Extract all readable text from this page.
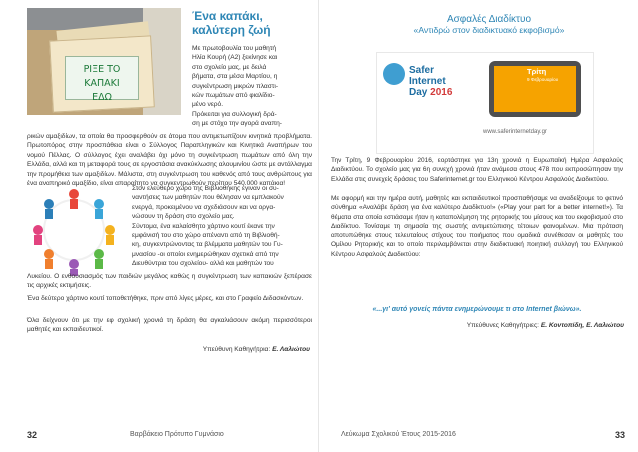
ΡΙΞΕ ΤΟ ΚΑΠΑΚΙ
ΕΔΩ
Ένα καπάκι,
καλύτερη ζωή
Με πρωτοβουλία του μαθητή
Ηλία Κουρή (Α2) ξεκίνησε και
στο σχολείο μας, με δειλά
βήματα, στα μέσα Μαρτίου, η
συγκέντρωση μικρών πλαστι-
κών πωμάτων από φιαλίδιο-
μένο νερό.
Πρόκειται για συλλογική δρά-
ση με στόχο την αγορά αναπη-

ρικών αμαξιδίων, τα οποία θα προσφερθούν σε άτομα που αντιμετωπίζουν κινητικά προβλήματα. Πρωτοπόρος στην προσπάθεια είναι ο Σύλλογος Παραπληγικών και Κινητικά Αναπήρων του νομού Πέλλας. Ο σύλλογος έχει αναλάβει όχι μόνο τη συγκέντρωση πωμάτων από όλη την Ελλάδα, αλλά και τη μεταφορά τους σε εργοστάσια ανακύκλωσης αλουμινίου ώστε με αντάλλαγμα την προμήθεια των αμαξιδίων. Μάλιστα, στη συγκέντρωση του καθενός από τους ανθρώπους για ένα αναπηρικό αμαξίδιο, είναι απαραίτητο να συγκεντρωθούν περίπου 540.000 καπάκια!

Στον ελεύθερο χώρο της Βιβλιοθήκης έγιναν οι συ-
ναντήσεις των μαθητών που θέλησαν να εμπλακούν
ενεργά, προκειμένου να σχεδιάσουν και να οργα-
νώσουν τη δράση στο σχολείο μας.
Σύντομα, ένα καλαίσθητο χάρτινο κουτί έκανε την
εμφάνισή του στο χώρο απέναντι από τη Βιβλιοθή-
κη, συγκεντρώνοντας τα βλέμματα μαθητών του Γυ-
μνασίου -οι οποίοι ενημερώθηκαν σχετικά από την
Διευθύντρια του σχολείου- αλλά και μαθητών του

Λυκείου. Ο ενθουσιασμός των παιδιών μεγάλος καθώς η συγκέντρωση των καπακιών ξεπέρασε τις αρχικές εκτιμήσεις.

Ένα δεύτερο χάρτινο κουτί τοποθετήθηκε, πριν από λίγες μέρες, και στο Γραφείο Διδασκόντων.

Όλα δείχνουν ότι με την εφ σχολική χρονιά τη δράση θα αγκαλιάσουν ακόμη περισσότεροι μαθητές και εκπαιδευτικοί.

Υπεύθυνη Καθηγήτρια: Ε. Λαλιώτου
32	Βαρβάκειο Πρότυπο Γυμνάσιο
Ασφαλές Διαδίκτυο
«Αντιδρώ στον διαδικτυακό εκφοβισμό»
Safer
Internet
Day 2016
Τρίτη
9 Φεβρουαρίου
www.saferinternetday.gr

Την Τρίτη, 9 Φεβρουαρίου 2016, εορτάστηκε για 13η χρονιά η Ευρωπαϊκή Ημέρα Ασφαλούς Διαδικτύου. Το σχολείο μας για 6η συνεχή χρονιά ήταν ανάμεσα στους 478 που εκπροσώπησαν την Ελλάδα στις συνεχείς δράσεις του Saferinternet.gr του Ελληνικού Κέντρου Ασφαλούς Διαδικτύου.

Με αφορμή και την ημέρα αυτή, μαθητές και εκπαιδευτικοί προσπαθήσαμε να αναδείξουμε το φετινό σύνθημα «Αναλάβε δράση για ένα καλύτερο Διαδίκτυο!» («Play your part for a better internet!»). Τα θέματα στα οποία εστιάσαμε ήταν η καταπολέμηση της ρητορικής του μίσους και του εκφοβισμού στο Διαδίκτυο. Τονίσαμε τη σημασία της σωστής αντιμετώπισης τέτοιων φαινομένων. Μια πρόταση αποτυπώθηκε στους τελευταίους στίχους του ποιήματος που ομαδικά συνέθεσαν οι μαθητές του Ομίλου Ρητορικής και το οποίο περιλαμβάνεται στην διαδικτυακή ποιητική συλλογή του Ελληνικού Κέντρου Ασφαλούς Διαδικτύου:

«...γι' αυτό γονείς πάντα ενημερώνουμε τι στο Internet βιώνω».
Υπεύθυνες Καθηγήτριες: Ε. Κοντοπίδη, Ε. Λαλιώτου
Λεύκωμα Σχολικού Έτους 2015-2016	33
